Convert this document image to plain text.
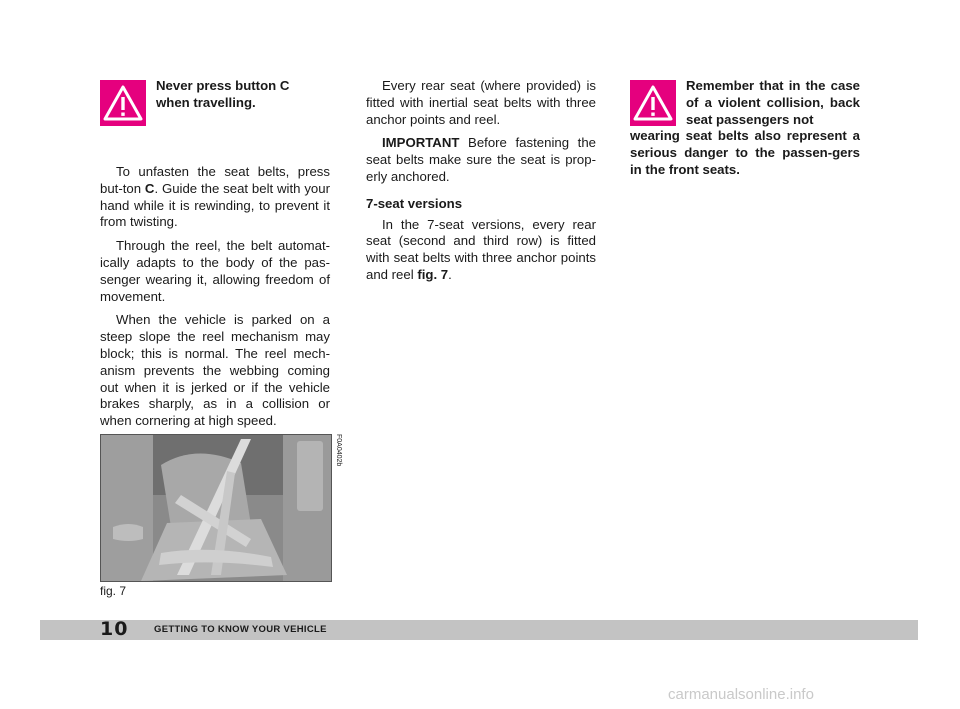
Never press button C
when travelling.

To unfasten the seat belts, press but-ton C. Guide the seat belt with your hand while it is rewinding, to prevent it from twisting.

Through the reel, the belt automat-ically adapts to the body of the pas-senger wearing it, allowing freedom of movement.

When the vehicle is parked on a steep slope the reel mechanism may block; this is normal. The reel mech-anism prevents the webbing coming out when it is jerked or if the vehicle brakes sharply, as in a collision or when cornering at high speed.

Every rear seat (where provided) is fitted with inertial seat belts with three anchor points and reel.

IMPORTANT Before fastening the seat belts make sure the seat is prop-erly anchored.

7-seat versions

In the 7-seat versions, every rear seat (second and third row) is fitted with seat belts with three anchor points and reel fig. 7.

Remember that in the case of a violent collision, back seat passengers not
wearing seat belts also represent a serious danger to the passen-gers in the front seats.
F0A0402b
fig. 7
10	GETTING TO KNOW YOUR VEHICLE
carmanualsonline.info
